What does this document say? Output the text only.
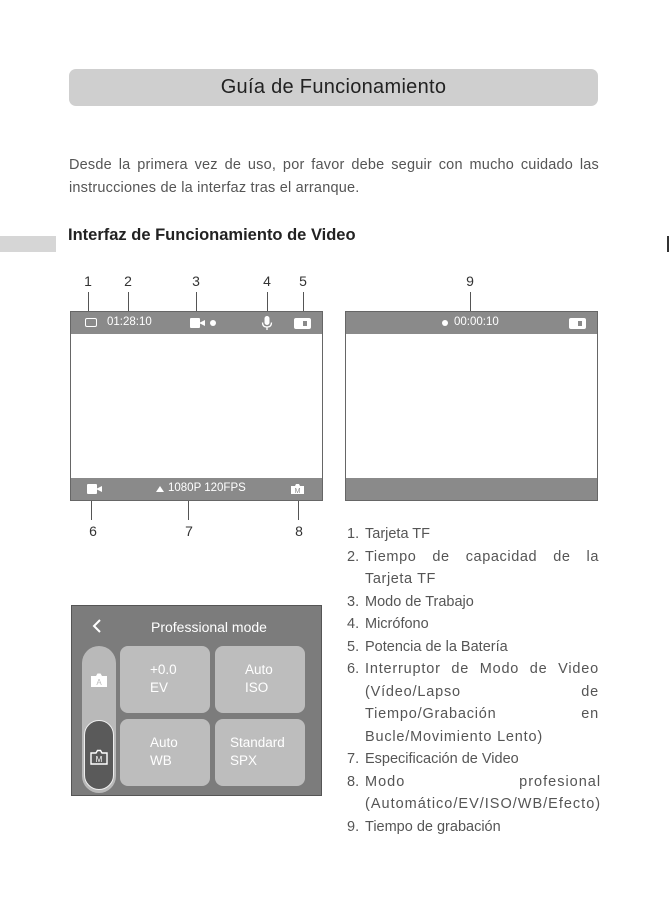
Guía de Funcionamiento
Desde la primera vez de uso, por favor debe seguir con mucho cuidado las instrucciones de la interfaz tras el arranque.
Interfaz de Funcionamiento de Video
1	2	3	4	5	9
01:28:10
1080P 120FPS	M
00:00:10
6	7	8	1. Tarjeta TF
2. Tiempo de capacidad de la Tarjeta TF
3. Modo de Trabajo
4. Micrófono
5. Potencia de la Batería
6. Interruptor de Modo de Video (Vídeo/Lapso de Tiempo/Grabación en Bucle/Movimiento Lento)
7. Especificación de Video
8. Modo profesional (Automático/EV/ISO/WB/Efecto)
9. Tiempo de grabación
Professional mode
A
M
+0.0
EV
Auto
ISO
Auto
WB
Standard
SPX
